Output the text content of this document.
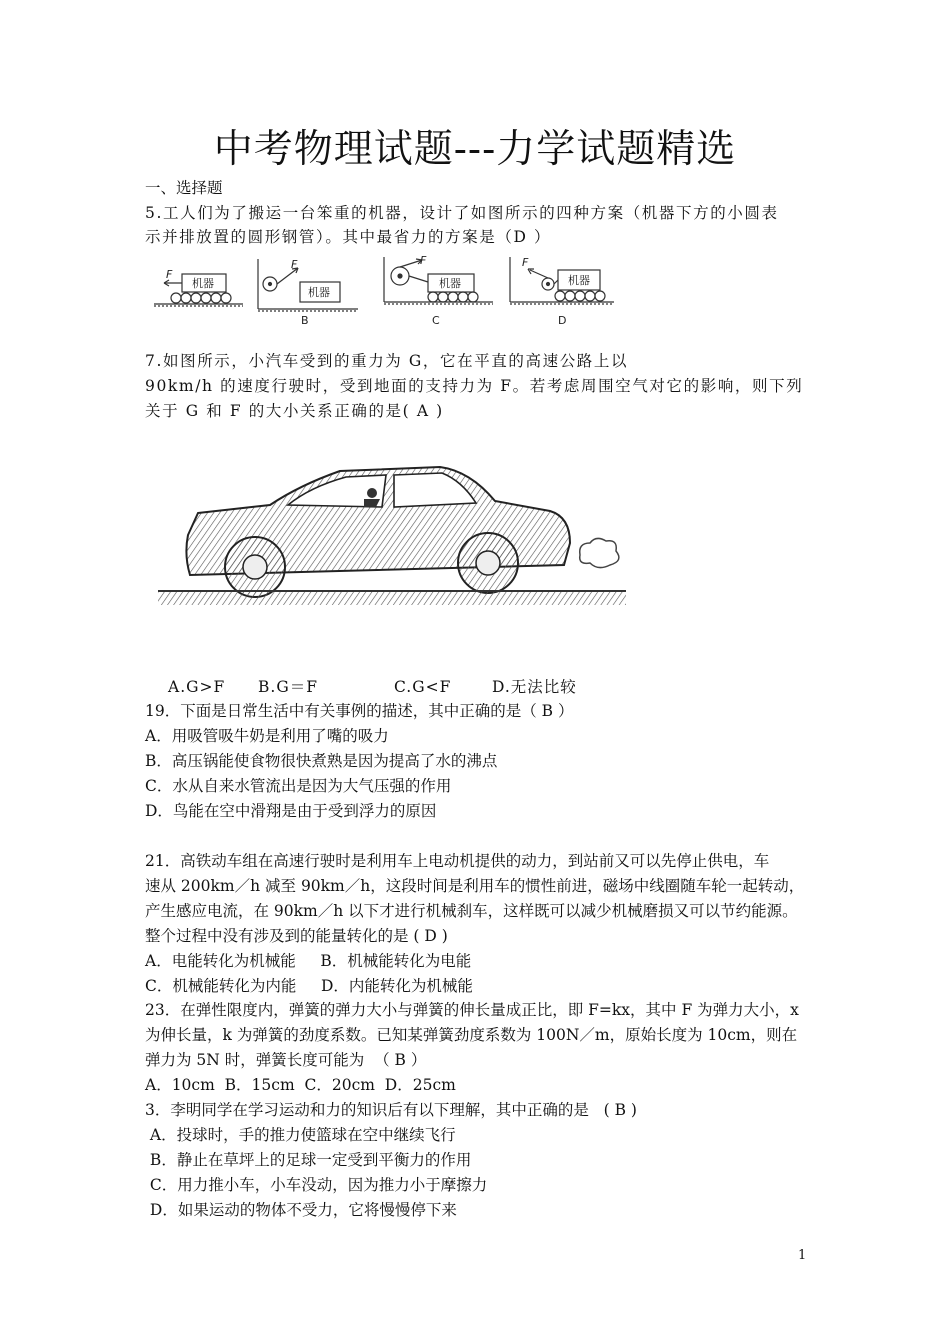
中考物理试题---力学试题精选
一、选择题
5.工人们为了搬运一台笨重的机器，设计了如图所示的四种方案（机器下方的小圆表
示并排放置的圆形钢管）。其中最省力的方案是（D ）
机器
F
机器
F
机器
F
机器
F
B	C	D
7.如图所示，小汽车受到的重力为 G，它在平直的高速公路上以
90km/h 的速度行驶时，受到地面的支持力为 F。若考虑周围空气对它的影响，则下列
关于 G 和 F 的大小关系正确的是( A )
A.G>F B.G＝F	C.G<F	D.无法比较
19．下面是日常生活中有关事例的描述，其中正确的是（ B ）
A．用吸管吸牛奶是利用了嘴的吸力
B．高压锅能使食物很快煮熟是因为提高了水的沸点
C．水从自来水管流出是因为大气压强的作用
D．鸟能在空中滑翔是由于受到浮力的原因
21．高铁动车组在高速行驶时是利用车上电动机提供的动力，到站前又可以先停止供电，车
速从 200km／h 减至 90km／h，这段时间是利用车的惯性前进，磁场中线圈随车轮一起转动，
产生感应电流，在 90km／h 以下才进行机械刹车，这样既可以减少机械磨损又可以节约能源。
整个过程中没有涉及到的能量转化的是 ( D )
A．电能转化为机械能     B．机械能转化为电能
C．机械能转化为内能     D．内能转化为机械能
23．在弹性限度内，弹簧的弹力大小与弹簧的伸长量成正比，即 F=kx，其中 F 为弹力大小，x
为伸长量，k 为弹簧的劲度系数。已知某弹簧劲度系数为 100N／m，原始长度为 10cm，则在
弹力为 5N 时，弹簧长度可能为  （ B ）
A．10cm  B．15cm  C．20cm  D．25cm
3．李明同学在学习运动和力的知识后有以下理解，其中正确的是   ( B )
A．投球时，手的推力使篮球在空中继续飞行
B．静止在草坪上的足球一定受到平衡力的作用
C．用力推小车，小车没动，因为推力小于摩擦力
D．如果运动的物体不受力，它将慢慢停下来
1
